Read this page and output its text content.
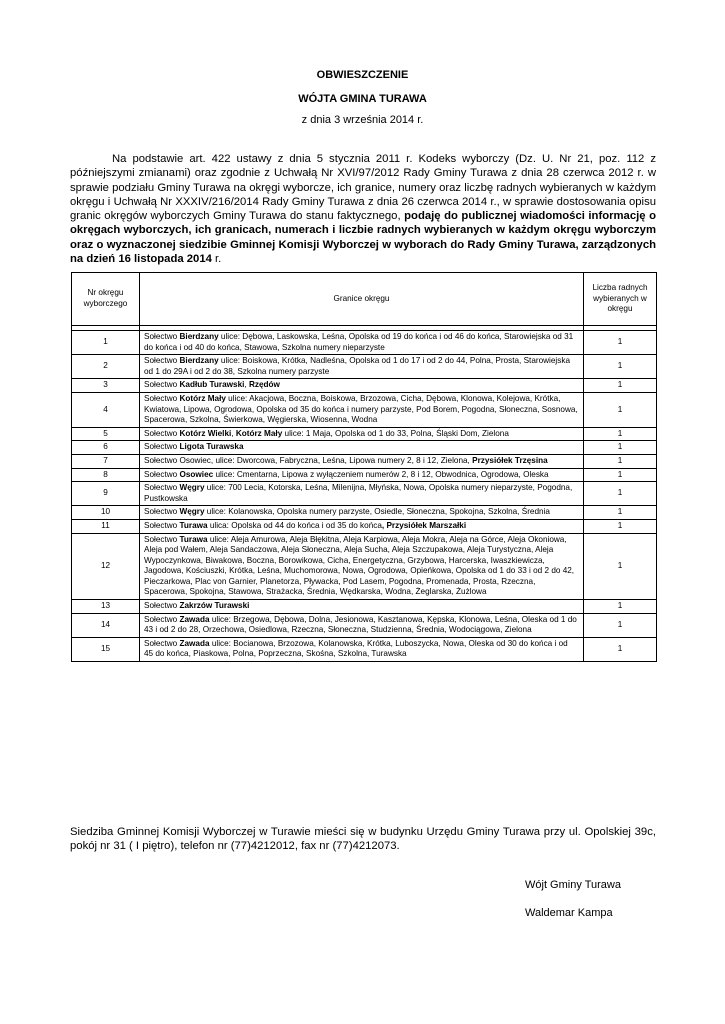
OBWIESZCZENIE
WÓJTA GMINA TURAWA
z dnia 3 września 2014 r.
Na podstawie art. 422 ustawy z dnia 5 stycznia 2011 r. Kodeks wyborczy (Dz. U. Nr 21, poz. 112 z późniejszymi zmianami) oraz zgodnie z Uchwałą Nr XVI/97/2012 Rady Gminy Turawa z dnia 28 czerwca 2012 r. w sprawie podziału Gminy Turawa na okręgi wyborcze, ich granice, numery oraz liczbę radnych wybieranych w każdym okręgu i Uchwałą Nr XXXIV/216/2014 Rady Gminy Turawa z dnia 26 czerwca 2014 r., w sprawie dostosowania opisu granic okręgów wyborczych Gminy Turawa do stanu faktycznego, podaję do publicznej wiadomości informację o okręgach wyborczych, ich granicach, numerach i liczbie radnych wybieranych w każdym okręgu wyborczym oraz o wyznaczonej siedzibie Gminnej Komisji Wyborczej w wyborach do Rady Gminy Turawa, zarządzonych na dzień 16 listopada 2014 r.
Nr okręgu wyborczego	Granice okręgu	Liczba radnych wybieranych w okręgu

1	Sołectwo Bierdzany ulice: Dębowa, Laskowska, Leśna, Opolska od 19 do końca i od 46 do końca, Starowiejska od 31 do końca i od 40 do końca, Stawowa, Szkolna numery nieparzyste	1
2	Sołectwo Bierdzany ulice: Boiskowa, Krótka, Nadleśna, Opolska od 1 do 17 i od 2 do 44, Polna, Prosta, Starowiejska od 1 do 29A i od 2 do 38, Szkolna numery parzyste	1
3	Sołectwo Kadłub Turawski, Rzędów	1
4	Sołectwo Kotórz Mały ulice: Akacjowa, Boczna, Boiskowa, Brzozowa, Cicha, Dębowa, Klonowa, Kolejowa, Krótka, Kwiatowa, Lipowa, Ogrodowa, Opolska od 35 do końca i numery parzyste, Pod Borem, Pogodna, Słoneczna, Sosnowa, Spacerowa, Szkolna, Świerkowa, Węgierska, Wiosenna, Wodna	1
5	Sołectwo Kotórz Wielki, Kotórz Mały ulice: 1 Maja, Opolska od 1 do 33, Polna, Śląski Dom, Zielona	1
6	Sołectwo Ligota Turawska	1
7	Sołectwo Osowiec, ulice: Dworcowa, Fabryczna, Leśna, Lipowa numery 2, 8 i 12, Zielona, Przysiółek Trzęsina	1
8	Sołectwo Osowiec ulice: Cmentarna, Lipowa z wyłączeniem numerów 2, 8 i 12, Obwodnica, Ogrodowa, Oleska	1
9	Sołectwo Węgry ulice: 700 Lecia, Kotorska, Leśna, Milenijna, Młyńska, Nowa, Opolska numery nieparzyste, Pogodna, Pustkowska	1
10	Sołectwo Węgry ulice: Kolanowska, Opolska numery parzyste, Osiedle, Słoneczna, Spokojna, Szkolna, Średnia	1
11	Sołectwo Turawa ulica: Opolska od 44 do końca i od 35 do końca, Przysiółek Marszałki	1
12	Sołectwo Turawa ulice: Aleja Amurowa, Aleja Błękitna, Aleja Karpiowa, Aleja Mokra, Aleja na Górce, Aleja Okoniowa, Aleja pod Wałem, Aleja Sandaczowa, Aleja Słoneczna, Aleja Sucha, Aleja Szczupakowa, Aleja Turystyczna, Aleja Wypoczynkowa, Biwakowa, Boczna, Borowikowa, Cicha, Energetyczna, Grzybowa, Harcerska, Iwaszkiewicza, Jagodowa, Kościuszki, Krótka, Leśna, Muchomorowa, Nowa, Ogrodowa, Opieńkowa, Opolska od 1 do 33 i od 2 do 42, Pieczarkowa, Plac von Garnier, Planetorza, Pływacka, Pod Lasem, Pogodna, Promenada, Prosta, Rzeczna, Spacerowa, Spokojna, Stawowa, Strażacka, Średnia, Wędkarska, Wodna, Żeglarska, Żużlowa	1
13	Sołectwo Zakrzów Turawski	1
14	Sołectwo Zawada ulice: Brzegowa, Dębowa, Dolna, Jesionowa, Kasztanowa, Kępska, Klonowa, Leśna, Oleska od 1 do 43 i od 2 do 28, Orzechowa, Osiedlowa, Rzeczna, Słoneczna, Studzienna, Średnia, Wodociągowa, Zielona	1
15	Sołectwo Zawada ulice: Bocianowa, Brzozowa, Kolanowska, Krótka, Luboszycka, Nowa, Oleska od 30 do końca i od 45 do końca, Piaskowa, Polna, Poprzeczna, Skośna, Szkolna, Turawska	1
Siedziba Gminnej Komisji Wyborczej w Turawie mieści się w budynku Urzędu Gminy Turawa przy ul. Opolskiej 39c, pokój nr 31 ( I piętro), telefon nr (77)4212012, fax nr (77)4212073.
Wójt Gminy Turawa
Waldemar Kampa
